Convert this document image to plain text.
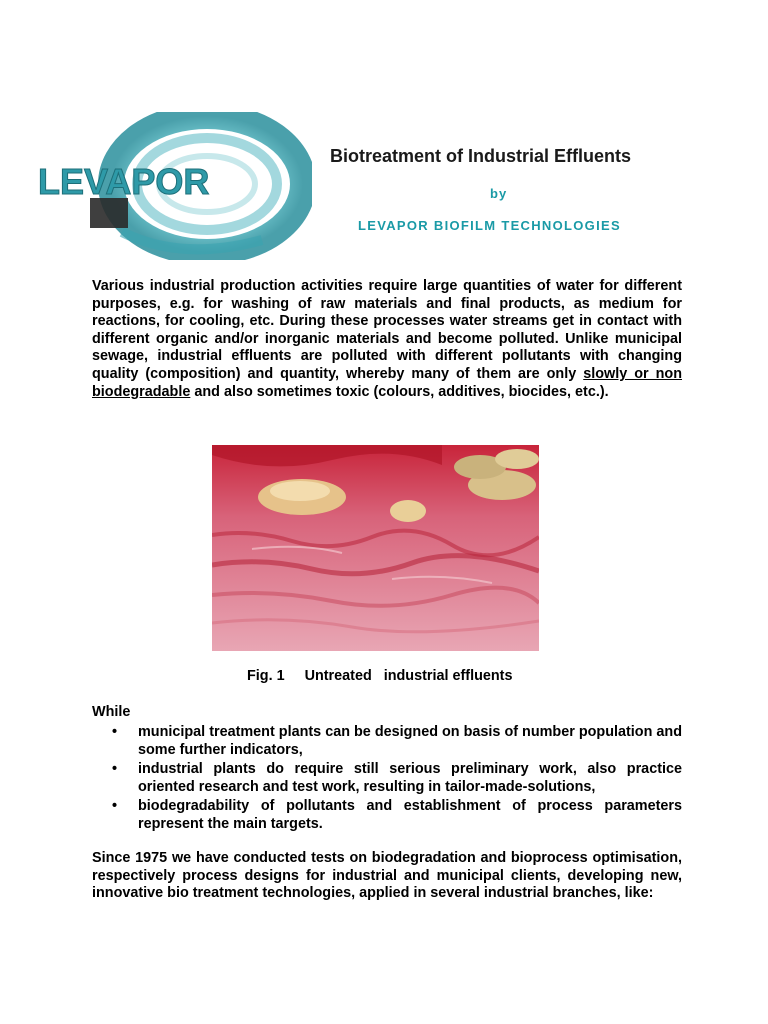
LEVAPOR
Biotreatment of Industrial Effluents
by
LEVAPOR BIOFILM TECHNOLOGIES
Various industrial production activities require large quantities of water for different purposes, e.g. for washing of raw materials and final products, as medium for reactions, for cooling, etc. During these processes water streams get in contact with different organic and/or inorganic materials and become polluted. Unlike municipal sewage, industrial effluents are polluted with different pollutants with changing quality (composition) and quantity, whereby many of them are only slowly or non biodegradable and also sometimes toxic (colours, additives, biocides, etc.).
Fig. 1     Untreated   industrial effluents
While
• municipal treatment plants can be designed on basis of number population and some further indicators,
• industrial plants do require still serious preliminary work, also practice oriented research and test work, resulting in tailor-made-solutions,
• biodegradability of pollutants and establishment of process parameters represent the main targets.
Since 1975 we have conducted tests on biodegradation and bioprocess optimisation, respectively process designs for industrial and municipal clients, developing new, innovative bio treatment technologies, applied in several industrial branches, like:
